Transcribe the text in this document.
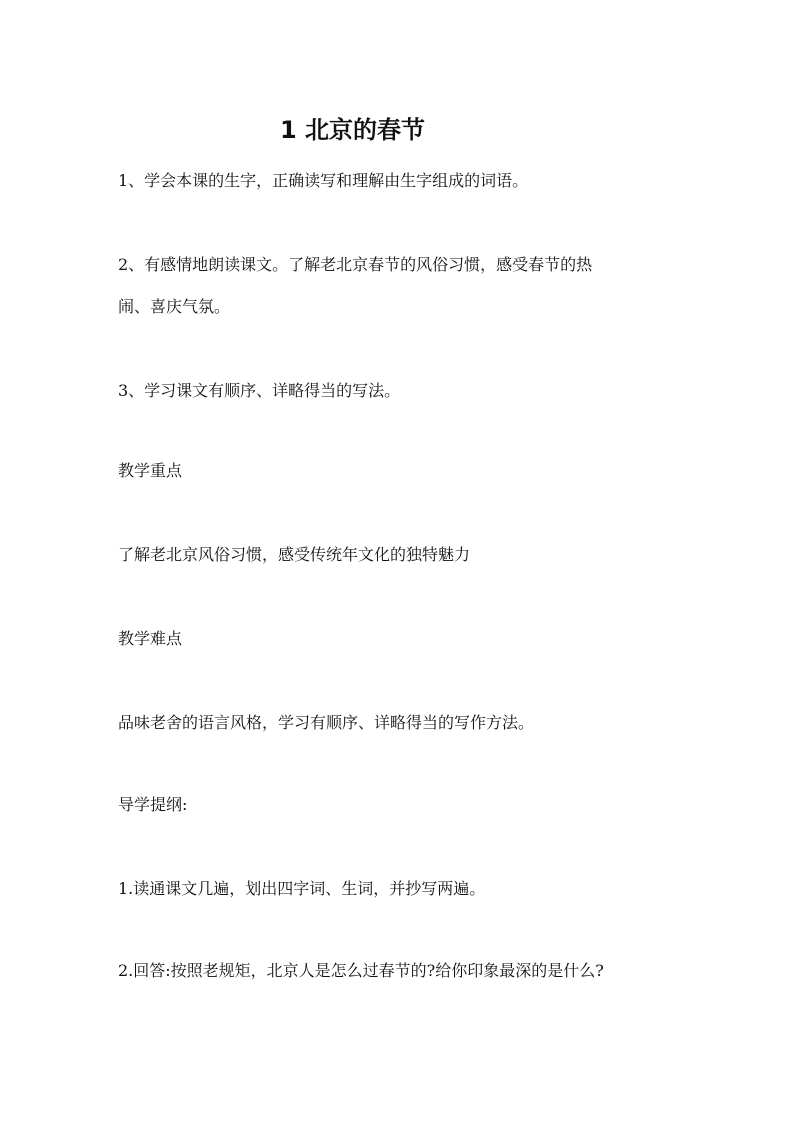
1 北京的春节
1、学会本课的生字，正确读写和理解由生字组成的词语。
2、有感情地朗读课文。了解老北京春节的风俗习惯，感受春节的热
闹、喜庆气氛。
3、学习课文有顺序、详略得当的写法。
教学重点
了解老北京风俗习惯，感受传统年文化的独特魅力
教学难点
品味老舍的语言风格，学习有顺序、详略得当的写作方法。
导学提纲:
1.读通课文几遍，划出四字词、生词，并抄写两遍。
2.回答:按照老规矩，北京人是怎么过春节的?给你印象最深的是什么?
